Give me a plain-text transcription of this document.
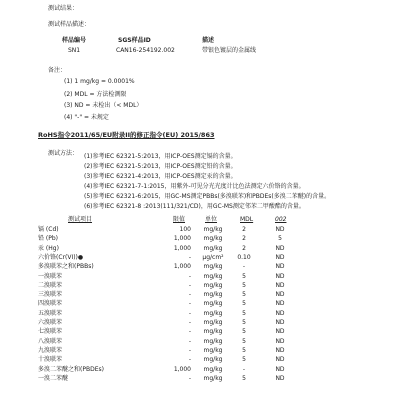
测试结果：
测试样品描述：
样品编号	SGS样品ID	描述
SN1	CAN16-254192.002	带银色镀层的金属线
备注：
(1) 1 mg/kg = 0.0001%
(2) MDL = 方法检测限
(3) ND = 未检出（< MDL）
(4) "-" = 未规定
RoHS指令2011/65/EU附录II的修正指令(EU) 2015/863
测试方法： (1)参考IEC 62321-5:2013，用ICP-OES测定镉的含量。
(2)参考IEC 62321-5:2013，用ICP-OES测定铅的含量。
(3)参考IEC 62321-4:2013，用ICP-OES测定汞的含量。
(4)参考IEC 62321-7-1:2015，用紫外-可见分光光度计比色法测定六价铬的含量。
(5)参考IEC 62321-6:2015，用GC-MS测定PBBs(多溴联苯)和PBDEs(多溴二苯醚)的含量。
(6)参考IEC 62321-8 :2013(111/321/CD)，用GC-MS测定邻苯二甲酸酯的含量。
测试项目	限值	单位	MDL	002
镉 (Cd)	100	mg/kg	2	ND
铅 (Pb)	1,000	mg/kg	2	5
汞 (Hg)	1,000	mg/kg	2	ND
六价铬(Cr(VI))●	-	μg/cm²	0.10	ND
多溴联苯之和(PBBs)	1,000	mg/kg	-	ND
一溴联苯	-	mg/kg	5	ND
二溴联苯	-	mg/kg	5	ND
三溴联苯	-	mg/kg	5	ND
四溴联苯	-	mg/kg	5	ND
五溴联苯	-	mg/kg	5	ND
六溴联苯	-	mg/kg	5	ND
七溴联苯	-	mg/kg	5	ND
八溴联苯	-	mg/kg	5	ND
九溴联苯	-	mg/kg	5	ND
十溴联苯	-	mg/kg	5	ND
多溴二苯醚之和(PBDEs)	1,000	mg/kg	-	ND
一溴二苯醚	-	mg/kg	5	ND
